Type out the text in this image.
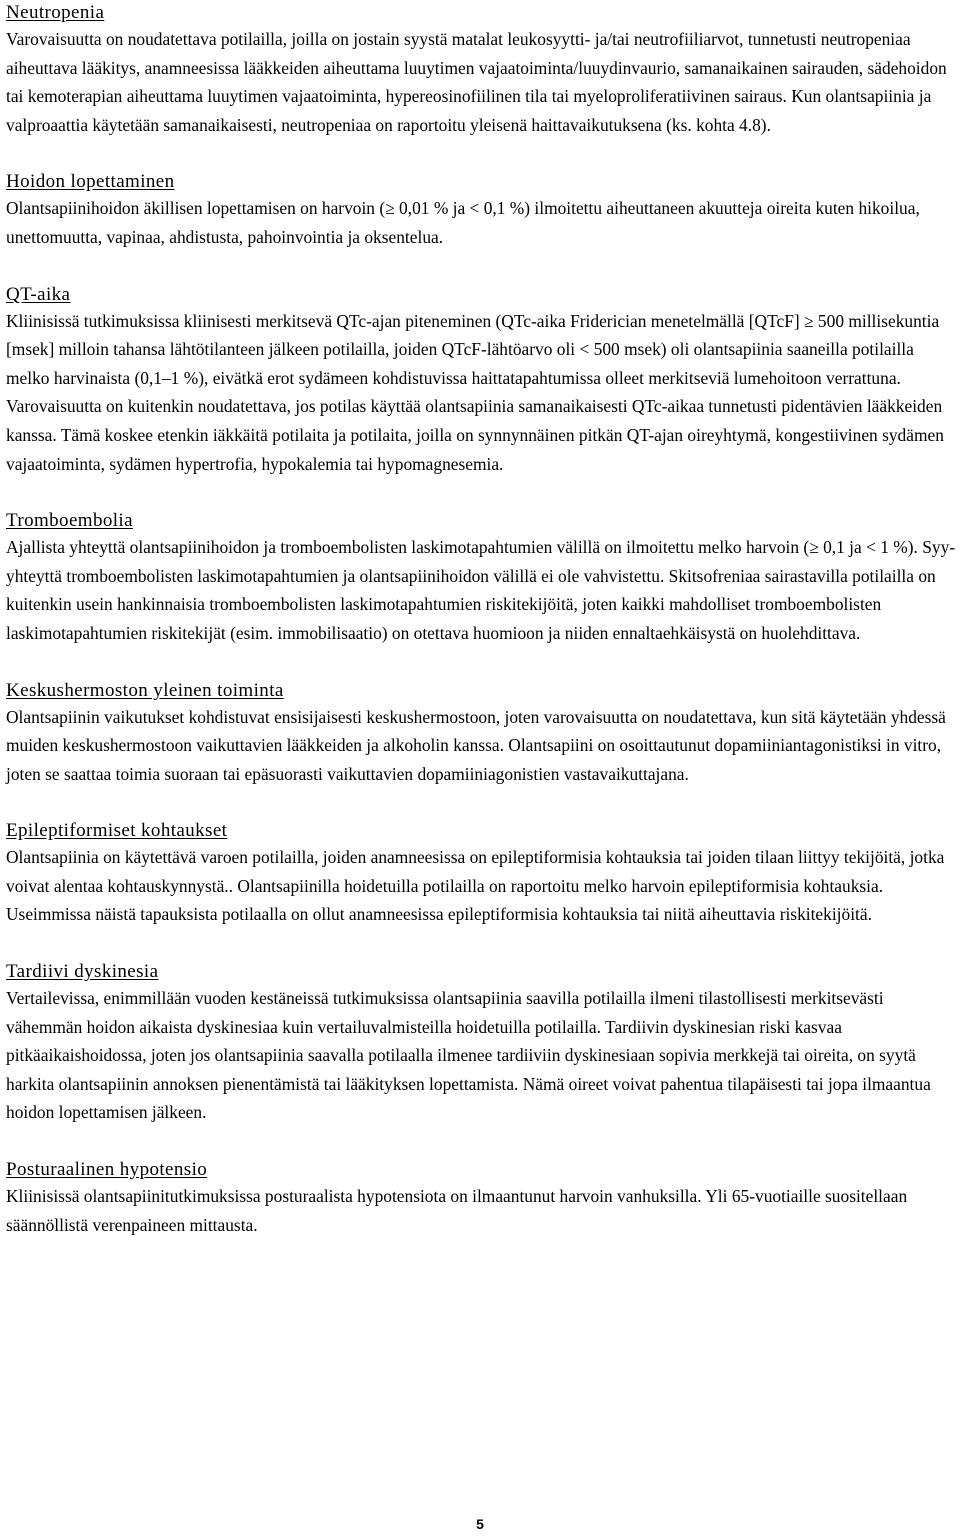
Neutropenia

Varovaisuutta on noudatettava potilailla, joilla on jostain syystä matalat leukosyytti- ja/tai neutrofiiliarvot, tunnetusti neutropeniaa aiheuttava lääkitys, anamneesissa lääkkeiden aiheuttama luuytimen vajaatoiminta/luuydinvaurio, samanaikainen sairauden, sädehoidon tai kemoterapian aiheuttama luuytimen vajaatoiminta, hypereosinofiilinen tila tai myeloproliferatiivinen sairaus. Kun olantsapiinia ja valproaattia käytetään samanaikaisesti, neutropeniaa on raportoitu yleisenä haittavaikutuksena (ks. kohta 4.8).

Hoidon lopettaminen

Olantsapiinihoidon äkillisen lopettamisen on harvoin (≥ 0,01 % ja < 0,1 %) ilmoitettu aiheuttaneen akuutteja oireita kuten hikoilua, unettomuutta, vapinaa, ahdistusta, pahoinvointia ja oksentelua.

QT-aika

Kliinisissä tutkimuksissa kliinisesti merkitsevä QTc-ajan piteneminen (QTc-aika Friderician menetelmällä [QTcF] ≥ 500 millisekuntia [msek] milloin tahansa lähtötilanteen jälkeen potilailla, joiden QTcF-lähtöarvo oli < 500 msek) oli olantsapiinia saaneilla potilailla melko harvinaista (0,1–1 %), eivätkä erot sydämeen kohdistuvissa haittatapahtumissa olleet merkitseviä lumehoitoon verrattuna. Varovaisuutta on kuitenkin noudatettava, jos potilas käyttää olantsapiinia samanaikaisesti QTc-aikaa tunnetusti pidentävien lääkkeiden kanssa. Tämä koskee etenkin iäkkäitä potilaita ja potilaita, joilla on synnynnäinen pitkän QT-ajan oireyhtymä, kongestiivinen sydämen vajaatoiminta, sydämen hypertrofia, hypokalemia tai hypomagnesemia.

Tromboembolia

Ajallista yhteyttä olantsapiinihoidon ja tromboembolisten laskimotapahtumien välillä on ilmoitettu melko harvoin (≥ 0,1 ja < 1 %). Syy-yhteyttä tromboembolisten laskimotapahtumien ja olantsapiinihoidon välillä ei ole vahvistettu. Skitsofreniaa sairastavilla potilailla on kuitenkin usein hankinnaisia tromboembolisten laskimotapahtumien riskitekijöitä, joten kaikki mahdolliset tromboembolisten laskimotapahtumien riskitekijät (esim. immobilisaatio) on otettava huomioon ja niiden ennaltaehkäisystä on huolehdittava.

Keskushermoston yleinen toiminta

Olantsapiinin vaikutukset kohdistuvat ensisijaisesti keskushermostoon, joten varovaisuutta on noudatettava, kun sitä käytetään yhdessä muiden keskushermostoon vaikuttavien lääkkeiden ja alkoholin kanssa. Olantsapiini on osoittautunut dopamiiniantagonistiksi in vitro, joten se saattaa toimia suoraan tai epäsuorasti vaikuttavien dopamiiniagonistien vastavaikuttajana.

Epileptiformiset kohtaukset

Olantsapiinia on käytettävä varoen potilailla, joiden anamneesissa on epileptiformisia kohtauksia tai joiden tilaan liittyy tekijöitä, jotka voivat alentaa kohtauskynnystä.. Olantsapiinilla hoidetuilla potilailla on raportoitu melko harvoin epileptiformisia kohtauksia. Useimmissa näistä tapauksista potilaalla on ollut anamneesissa epileptiformisia kohtauksia tai niitä aiheuttavia riskitekijöitä.

Tardiivi dyskinesia

Vertailevissa, enimmillään vuoden kestäneissä tutkimuksissa olantsapiinia saavilla potilailla ilmeni tilastollisesti merkitsevästi vähemmän hoidon aikaista dyskinesiaa kuin vertailuvalmisteilla hoidetuilla potilailla. Tardiivin dyskinesian riski kasvaa pitkäaikaishoidossa, joten jos olantsapiinia saavalla potilaalla ilmenee tardiiviin dyskinesiaan sopivia merkkejä tai oireita, on syytä harkita olantsapiinin annoksen pienentämistä tai lääkityksen lopettamista. Nämä oireet voivat pahentua tilapäisesti tai jopa ilmaantua hoidon lopettamisen jälkeen.

Posturaalinen hypotensio

Kliinisissä olantsapiinitutkimuksissa posturaalista hypotensiota on ilmaantunut harvoin vanhuksilla. Yli 65-vuotiaille suositellaan säännöllistä verenpaineen mittausta.

5
